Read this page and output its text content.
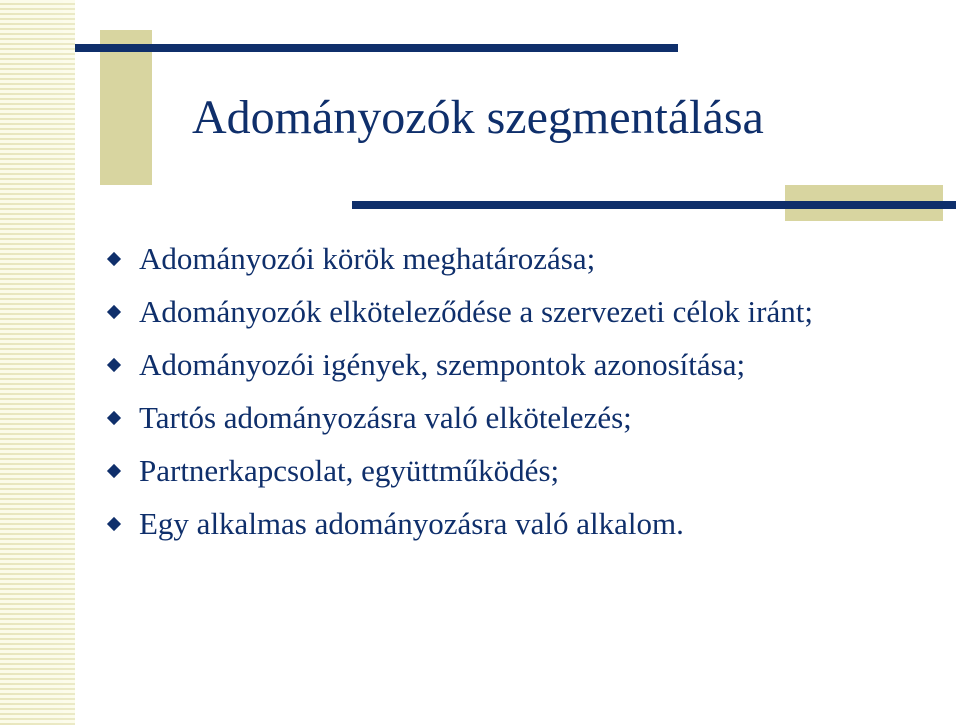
Adományozók szegmentálása
Adományozói körök meghatározása;
Adományozók elköteleződése a szervezeti célok iránt;
Adományozói igények, szempontok azonosítása;
Tartós adományozásra való elkötelezés;
Partnerkapcsolat, együttműködés;
Egy alkalmas adományozásra való alkalom.
